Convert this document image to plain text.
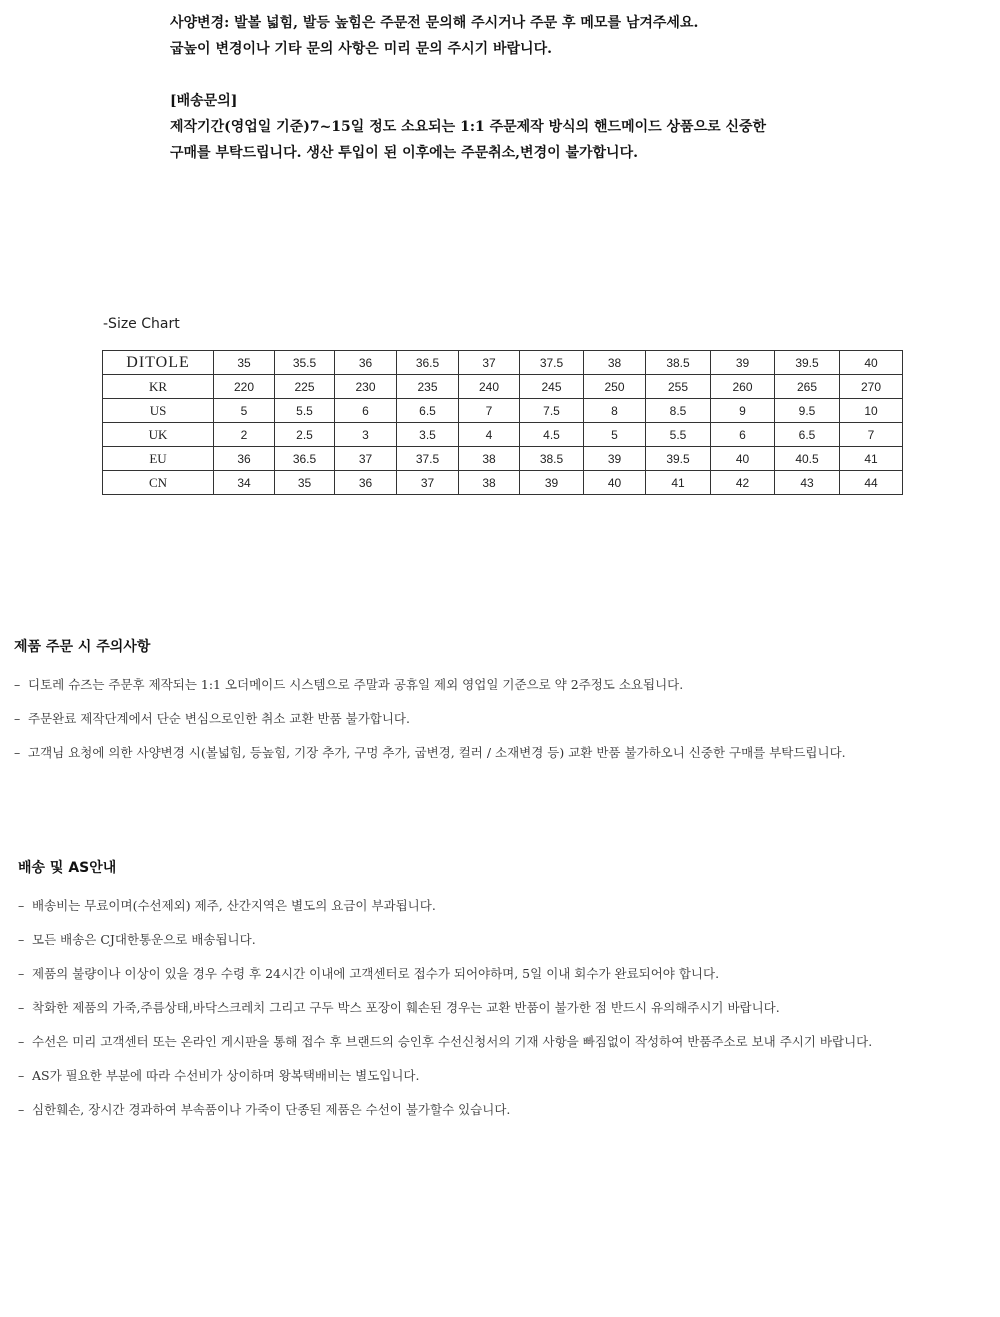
사양변경: 발볼 넓힘, 발등 높힘은 주문전 문의해 주시거나 주문 후 메모를 남겨주세요.

굽높이 변경이나 기타 문의 사항은 미리 문의 주시기 바랍니다.

[배송문의]

제작기간(영업일 기준)7~15일 정도 소요되는 1:1 주문제작 방식의 핸드메이드 상품으로 신중한

구매를 부탁드립니다. 생산 투입이 된 이후에는 주문취소,변경이 불가합니다.

-Size Chart
DITOLE	35	35.5	36	36.5	37	37.5	38	38.5	39	39.5	40
KR	220	225	230	235	240	245	250	255	260	265	270
US	5	5.5	6	6.5	7	7.5	8	8.5	9	9.5	10
UK	2	2.5	3	3.5	4	4.5	5	5.5	6	6.5	7
EU	36	36.5	37	37.5	38	38.5	39	39.5	40	40.5	41
CN	34	35	36	37	38	39	40	41	42	43	44
제품 주문 시 주의사항
– 디토레 슈즈는 주문후 제작되는 1:1 오더메이드 시스템으로 주말과 공휴일 제외 영업일 기준으로 약 2주정도 소요됩니다.
– 주문완료 제작단계에서 단순 변심으로인한 취소 교환 반품 불가합니다.
– 고객님 요청에 의한 사양변경 시(볼넓힘, 등높힘, 기장 추가, 구멍 추가, 굽변경, 컬러 / 소재변경 등) 교환 반품 불가하오니 신중한 구매를 부탁드립니다.
배송 및 AS안내
– 배송비는 무료이며(수선제외) 제주, 산간지역은 별도의 요금이 부과됩니다.
– 모든 배송은 CJ대한통운으로 배송됩니다.
– 제품의 불량이나 이상이 있을 경우 수령 후 24시간 이내에 고객센터로 접수가 되어야하며, 5일 이내 회수가 완료되어야 합니다.
– 착화한 제품의 가죽,주름상태,바닥스크레치 그리고 구두 박스 포장이 훼손된 경우는 교환 반품이 불가한 점 반드시 유의해주시기 바랍니다.
– 수선은 미리 고객센터 또는 온라인 게시판을 통해 접수 후 브랜드의 승인후 수선신청서의 기재 사항을 빠짐없이 작성하여 반품주소로 보내 주시기 바랍니다.
– AS가 필요한 부분에 따라 수선비가 상이하며 왕복택배비는 별도입니다.
– 심한훼손, 장시간 경과하여 부속품이나 가죽이 단종된 제품은 수선이 불가할수 있습니다.
